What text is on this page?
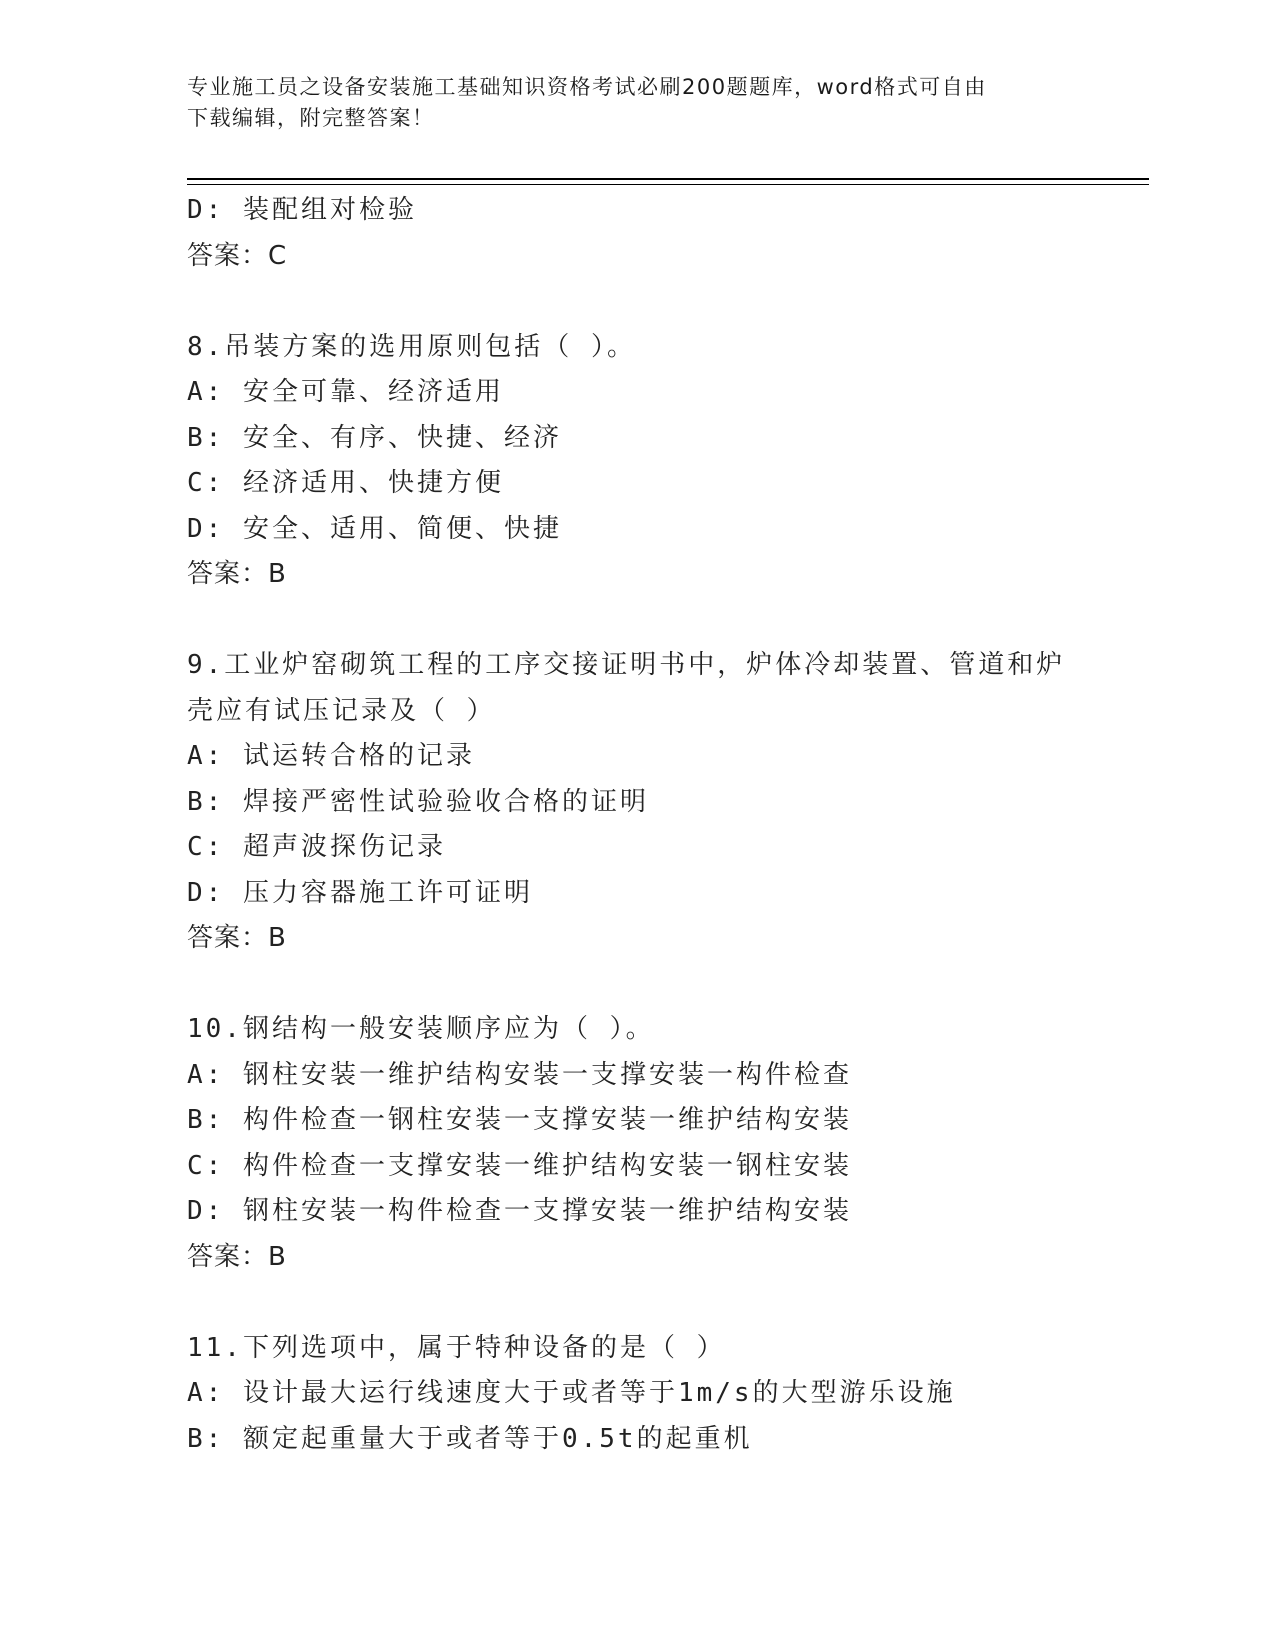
专业施工员之设备安装施工基础知识资格考试必刷200题题库，word格式可自由
下载编辑，附完整答案！
D: 装配组对检验
答案：C
8.吊装方案的选用原则包括（ ）。
A: 安全可靠、经济适用
B: 安全、有序、快捷、经济
C: 经济适用、快捷方便
D: 安全、适用、简便、快捷
答案：B
9.工业炉窑砌筑工程的工序交接证明书中，炉体冷却装置、管道和炉
壳应有试压记录及（ ）
A: 试运转合格的记录
B: 焊接严密性试验验收合格的证明
C: 超声波探伤记录
D: 压力容器施工许可证明
答案：B
10.钢结构一般安装顺序应为（ ）。
A: 钢柱安装一维护结构安装一支撑安装一构件检查
B: 构件检查一钢柱安装一支撑安装一维护结构安装
C: 构件检查一支撑安装一维护结构安装一钢柱安装
D: 钢柱安装一构件检查一支撑安装一维护结构安装
答案：B
11.下列选项中，属于特种设备的是（ ）
A: 设计最大运行线速度大于或者等于1m/s的大型游乐设施
B: 额定起重量大于或者等于0.5t的起重机
